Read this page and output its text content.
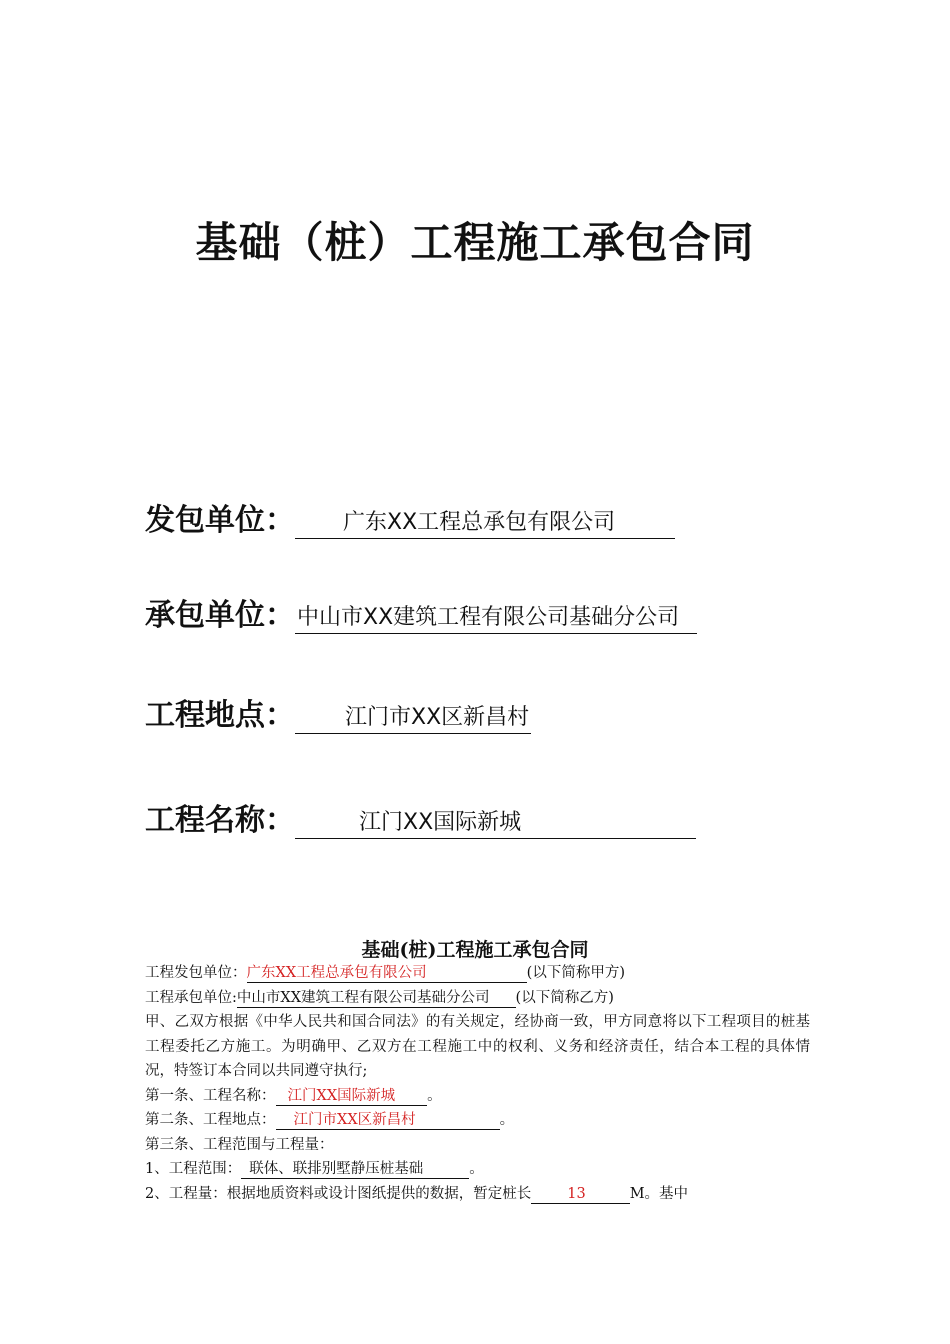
基础（桩）工程施工承包合同
发包单位： 广东XX工程总承包有限公司
承包单位：中山市XX建筑工程有限公司基础分公司
工程地点： 江门市XX区新昌村
工程名称：	江门XX国际新城
基础(桩)工程施工承包合同
工程发包单位：广东XX工程总承包有限公司	(以下简称甲方)
工程承包单位:中山市XX建筑工程有限公司基础分公司 (以下简称乙方)
甲、乙双方根据《中华人民共和国合同法》的有关规定，经协商一致，甲方同意将以下工程项目的桩基工程委托乙方施工。为明确甲、乙双方在工程施工中的权利、义务和经济责任，结合本工程的具体情况，特签订本合同以共同遵守执行;
第一条、工程名称： 江门XX国际新城 。
第二条、工程地点： 江门市XX区新昌村	。
第三条、工程范围与工程量：
1、工程范围： 联体、联排别墅静压桩基础	。
2、工程量：根据地质资料或设计图纸提供的数据，暂定桩长 13	M。基中
